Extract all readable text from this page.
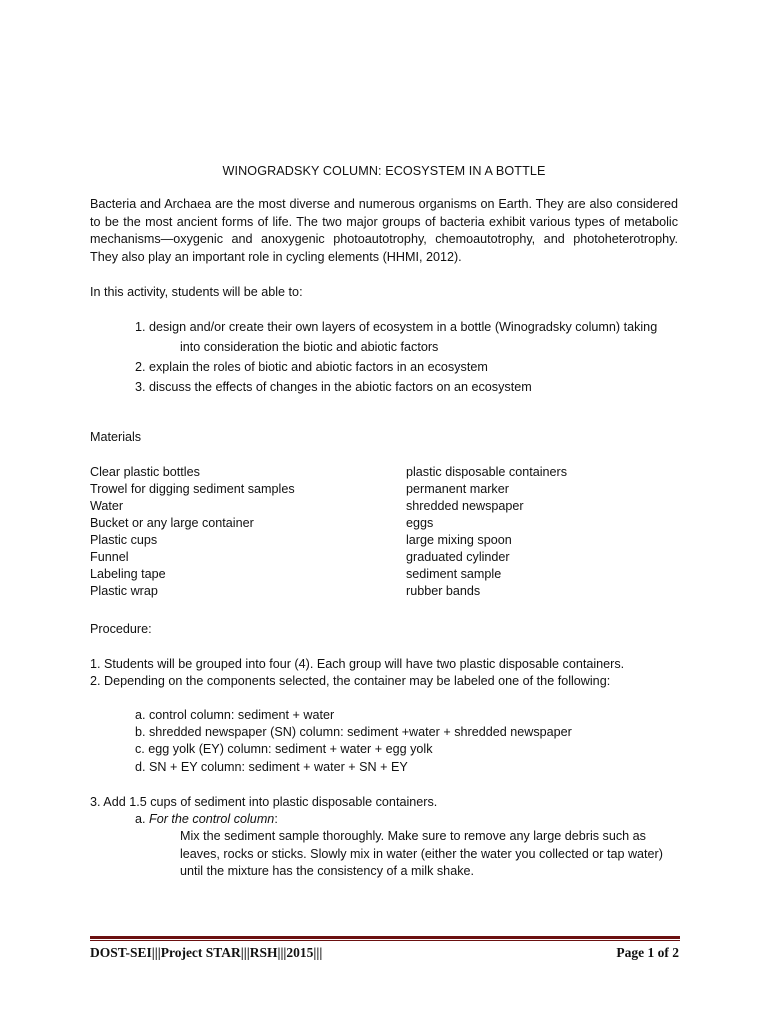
WINOGRADSKY COLUMN: ECOSYSTEM IN A BOTTLE
Bacteria and Archaea are the most diverse and numerous organisms on Earth. They are also considered
to be the most ancient forms of life. The two major groups of bacteria exhibit various types of metabolic
mechanisms—oxygenic and anoxygenic photoautotrophy, chemoautotrophy, and photoheterotrophy.
They also play an important role in cycling elements (HHMI, 2012).
In this activity, students will be able to:
1. design and/or create their own layers of ecosystem in a bottle (Winogradsky column) taking
into consideration the biotic and abiotic factors
2. explain the roles of biotic and abiotic factors in an ecosystem
3. discuss the effects of changes in the abiotic factors on an ecosystem
Materials
Clear plastic bottles
Trowel for digging sediment samples
Water
Bucket or any large container
Plastic cups
Funnel
Labeling tape
Plastic wrap
plastic disposable containers
permanent marker
shredded newspaper
eggs
large mixing spoon
graduated cylinder
sediment sample
rubber bands
Procedure:
1. Students will be grouped into four (4). Each group will have two plastic disposable containers.
2. Depending on the components selected, the container may be labeled one of the following:
a. control column: sediment + water
b. shredded newspaper (SN) column: sediment +water + shredded newspaper
c. egg yolk (EY) column: sediment + water + egg yolk
d. SN + EY column: sediment + water + SN + EY
3. Add 1.5 cups of sediment into plastic disposable containers.
a. For the control column:
Mix the sediment sample thoroughly. Make sure to remove any large debris such as
leaves, rocks or sticks. Slowly mix in water (either the water you collected or tap water)
until the mixture has the consistency of a milk shake.
DOST-SEI|||Project STAR|||RSH|||2015|||	Page 1 of 2
